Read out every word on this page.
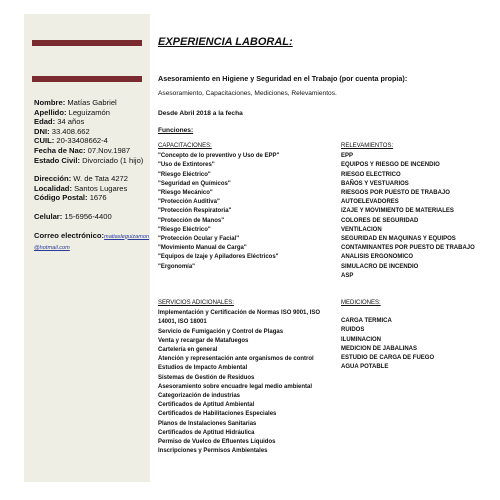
Nombre: Matías Gabriel
Apellido: Leguizamón
Edad: 34 años
DNI: 33.408.662
CUIL: 20-33408662-4
Fecha de Nac: 07.Nov.1987
Estado Civil: Divorciado (1 hijo)
Dirección: W. de Tata 4272
Localidad: Santos Lugares
Código Postal: 1676
Celular: 15-6956-4400
Correo electrónico:matiasleguizamon@hotmail.com
EXPERIENCIA LABORAL:
Asesoramiento en Higiene y Seguridad en el Trabajo (por cuenta propia):
Asesoramiento, Capacitaciones, Mediciones, Relevamientos.
Desde Abril 2018 a la fecha
Funciones:
CAPACITACIONES:
"Concepto de lo preventivo y Uso de EPP"
"Uso de Extintores"
"Riesgo Eléctrico"
"Seguridad en Químicos"
"Riesgo Mecánico"
"Protección Auditiva"
"Protección Respiratoria"
"Protección de Manos"
"Riesgo Eléctrico"
"Protección Ocular y Facial"
"Movimiento Manual de Carga"
"Equipos de Izaje y Apiladores Eléctricos"
"Ergonomía"
RELEVAMIENTOS:
EPP
EQUIPOS Y RIESGO DE INCENDIO
RIESGO ELECTRICO
BAÑOS Y VESTUARIOS
RIESGOS POR PUESTO DE TRABAJO
AUTOELEVADORES
IZAJE Y MOVIMIENTO DE MATERIALES
COLORES DE SEGURIDAD
VENTILACION
SEGURIDAD EN MAQUINAS Y EQUIPOS
CONTAMINANTES POR PUESTO DE TRABAJO
ANALISIS ERGONOMICO
SIMULACRO DE INCENDIO
ASP
SERVICIOS ADICIONALES:
Implementación y Certificación de Normas ISO 9001, ISO 14001, ISO 18001
Servicio de Fumigación y Control de Plagas
Venta y recargar de Matafuegos
Cartelería en general
Atención y representación ante organismos de control
Estudios de Impacto Ambiental
Sistemas de Gestión de Residuos
Asesoramiento sobre encuadre legal medio ambiental
Categorización de industrias
Certificados de Aptitud Ambiental
Certificados de Habilitaciones Especiales
Planos de Instalaciones Sanitarias
Certificados de Aptitud Hidráulica
Permiso de Vuelco de Efluentes Líquidos
Inscripciones y Permisos Ambientales
MEDICIONES:
CARGA TERMICA
RUIDOS
ILUMINACION
MEDICION DE JABALINAS
ESTUDIO DE CARGA DE FUEGO
AGUA POTABLE
